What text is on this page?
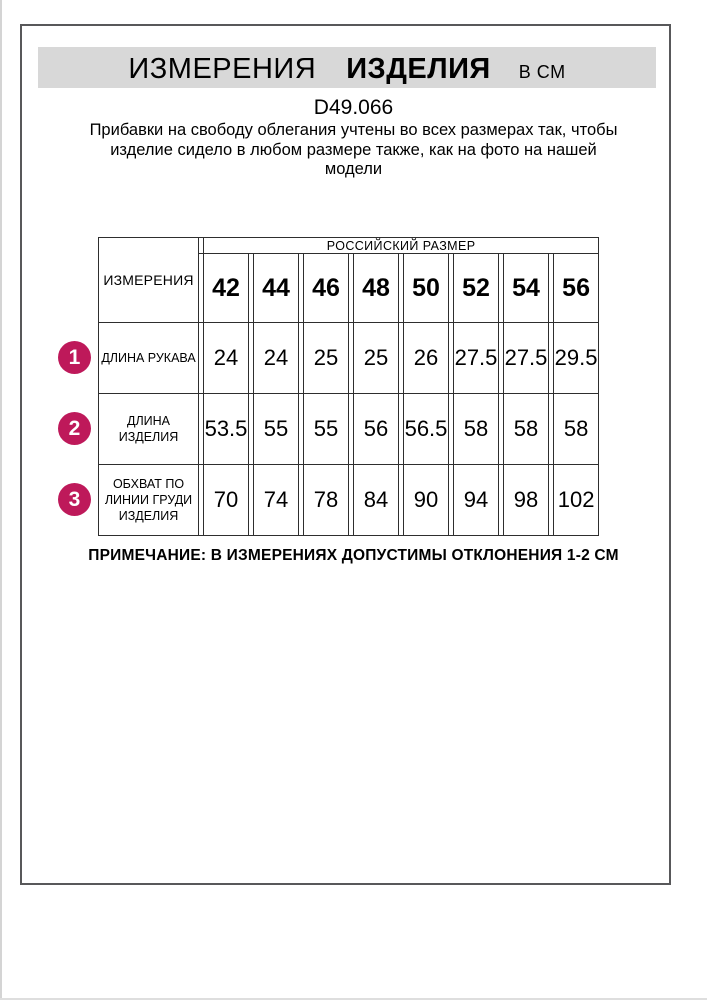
ИЗМЕРЕНИЯ ИЗДЕЛИЯ В СМ
D49.066
Прибавки на свободу облегания учтены во всех размерах так, чтобы
изделие сидело в любом размере также, как на фото на нашей
модели
ИЗМЕРЕНИЯ		РОССИЙСКИЙ РАЗМЕР														
		42		44		46		48		50		52		54		56
ДЛИНА РУКАВА		24		24		25		25		26		27.5		27.5		29.5
ДЛИНА ИЗДЕЛИЯ		53.5		55		55		56		56.5		58		58		58
ОБХВАТ ПО ЛИНИИ ГРУДИ ИЗДЕЛИЯ		70		74		78		84		90		94		98		102
1
2
3
ПРИМЕЧАНИЕ: В ИЗМЕРЕНИЯХ ДОПУСТИМЫ ОТКЛОНЕНИЯ 1-2 СМ
